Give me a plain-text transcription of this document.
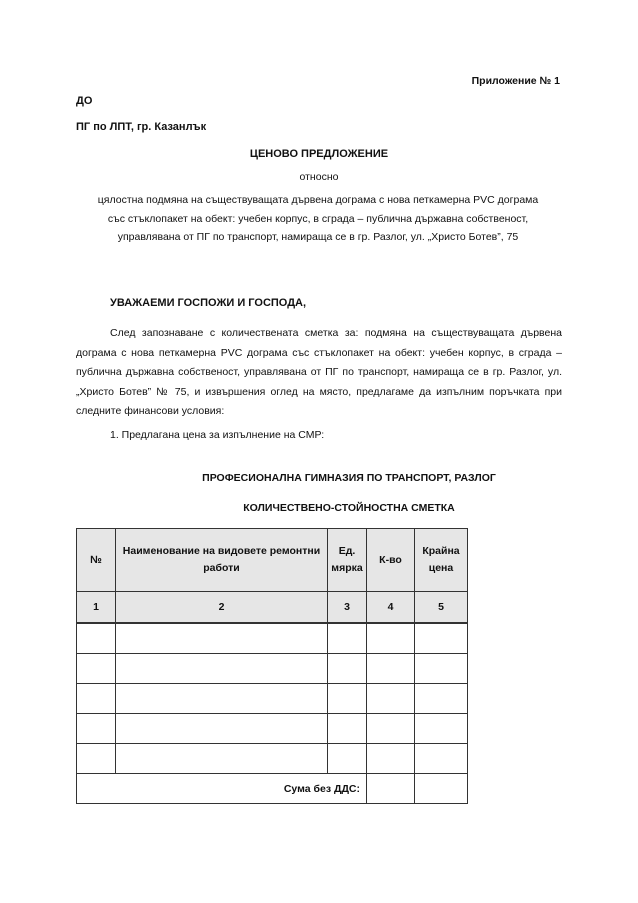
Приложение № 1
ДО
ПГ по ЛПТ, гр. Казанлък
ЦЕНОВО ПРЕДЛОЖЕНИЕ
относно
цялостна подмяна на съществуващата дървена дограма с нова петкамерна PVC дограма със стъклопакет на обект: учебен корпус, в сграда – публична държавна собственост, управлявана от ПГ по транспорт, намираща се в гр. Разлог, ул. „Христо Ботев”, 75
УВАЖАЕМИ ГОСПОЖИ И ГОСПОДА,
След запознаване с количествената сметка за: подмяна на съществуващата дървена дограма с нова петкамерна PVC дограма със стъклопакет на обект: учебен корпус, в сграда – публична държавна собственост, управлявана от ПГ по транспорт, намираща се в гр. Разлог, ул. „Христо Ботев” № 75, и извършения оглед на място, предлагаме да изпълним поръчката при следните финансови условия:
1. Предлагана цена за изпълнение на СМР:
ПРОФЕСИОНАЛНА ГИМНАЗИЯ ПО ТРАНСПОРТ, РАЗЛОГ
КОЛИЧЕСТВЕНО-СТОЙНОСТНА СМЕТКА
№	Наименование на видовете ремонтни работи	Ед. мярка	К-во	Крайна цена
1	2	3	4	5

Сума без ДДС:				
